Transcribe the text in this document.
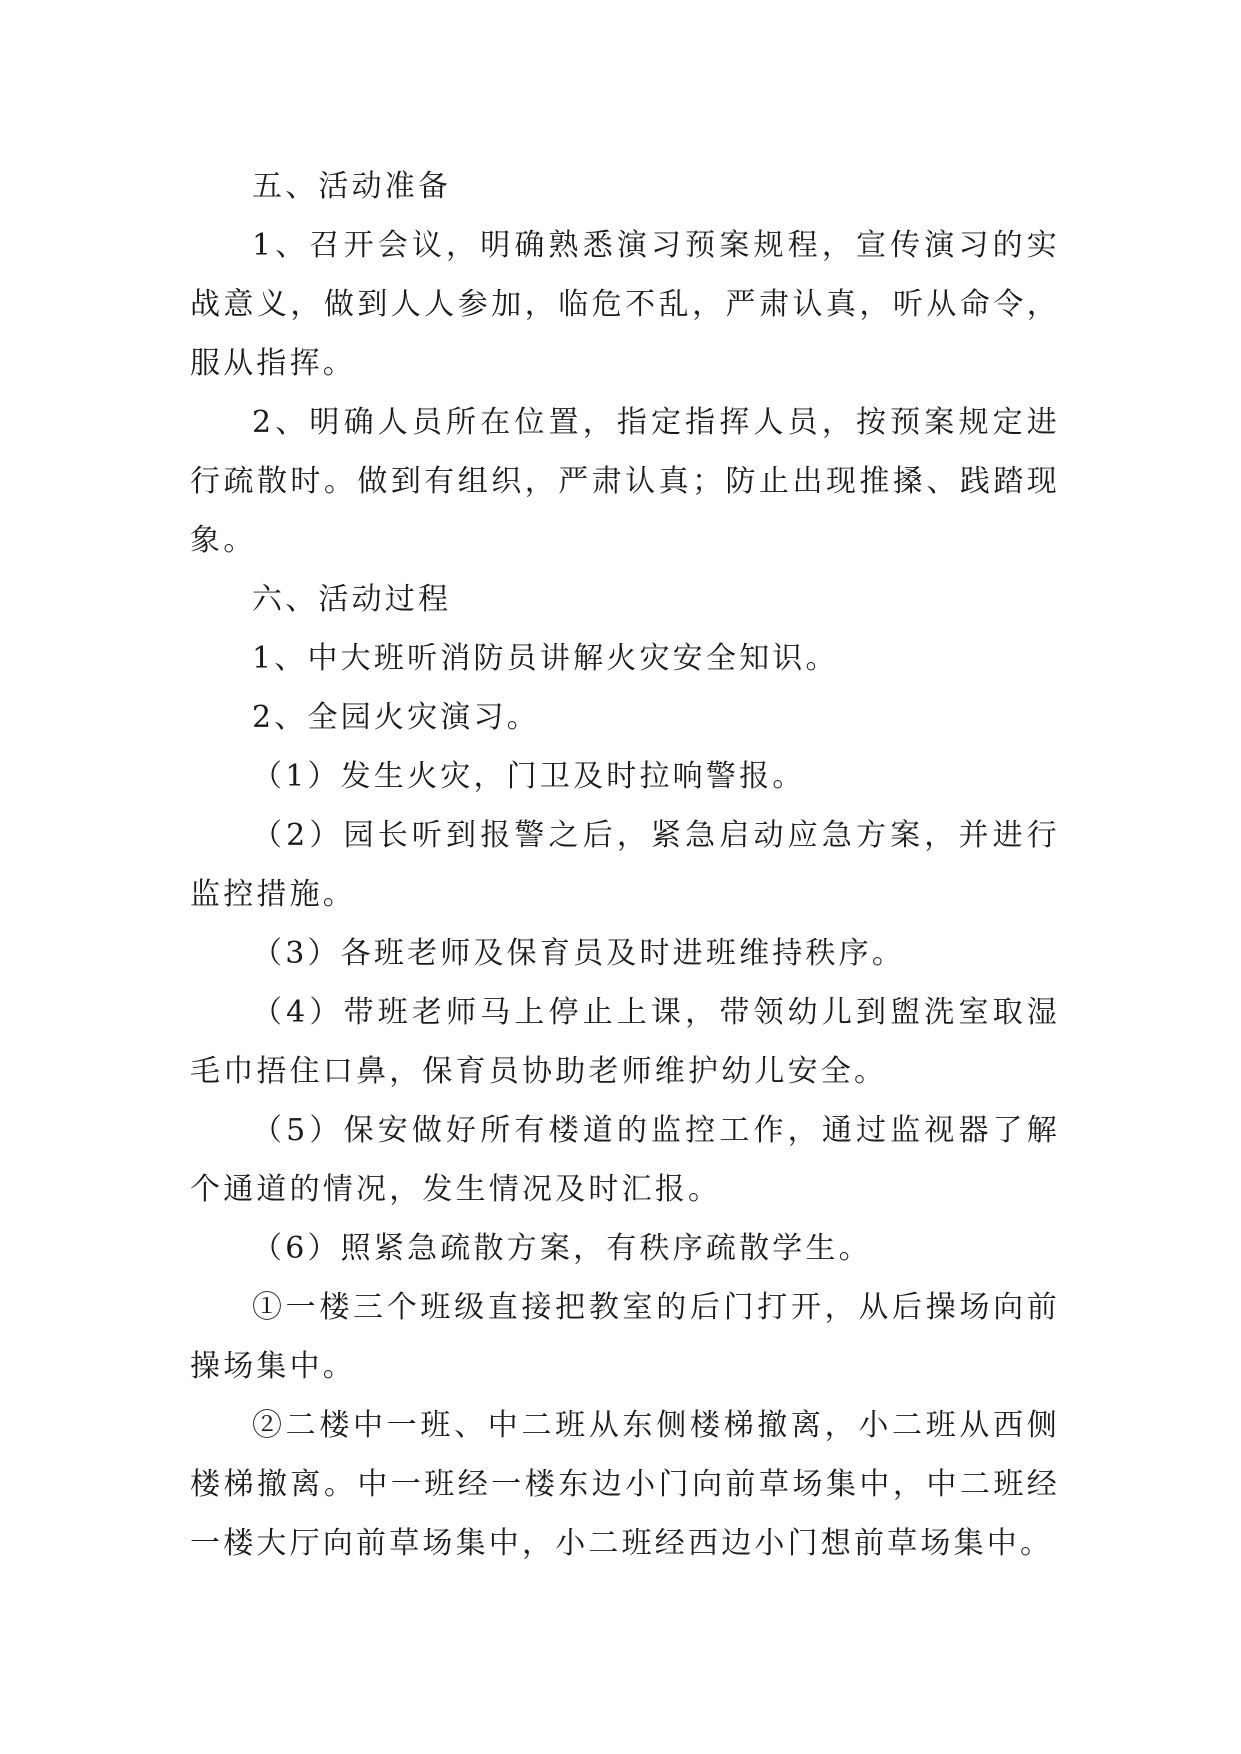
五、活动准备

1、召开会议，明确熟悉演习预案规程，宣传演习的实战意义，做到人人参加，临危不乱，严肃认真，听从命令，服从指挥。

2、明确人员所在位置，指定指挥人员，按预案规定进行疏散时。做到有组织，严肃认真；防止出现推搡、践踏现象。

六、活动过程

1、中大班听消防员讲解火灾安全知识。

2、全园火灾演习。

（1）发生火灾，门卫及时拉响警报。

（2）园长听到报警之后，紧急启动应急方案，并进行监控措施。

（3）各班老师及保育员及时进班维持秩序。

（4）带班老师马上停止上课，带领幼儿到盥洗室取湿毛巾捂住口鼻，保育员协助老师维护幼儿安全。

（5）保安做好所有楼道的监控工作，通过监视器了解个通道的情况，发生情况及时汇报。

（6）照紧急疏散方案，有秩序疏散学生。

①一楼三个班级直接把教室的后门打开，从后操场向前操场集中。

②二楼中一班、中二班从东侧楼梯撤离，小二班从西侧楼梯撤离。中一班经一楼东边小门向前草场集中，中二班经一楼大厅向前草场集中，小二班经西边小门想前草场集中。
